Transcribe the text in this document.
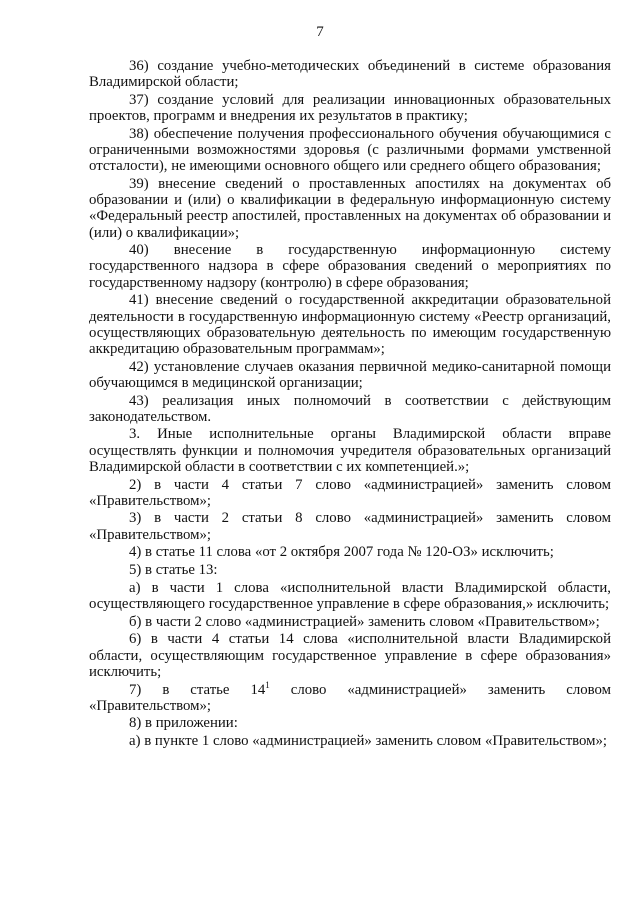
7

36) создание учебно-методических объединений в системе образования Владимирской области;

37) создание условий для реализации инновационных образовательных проектов, программ и внедрения их результатов в практику;

38) обеспечение получения профессионального обучения обучающимися с ограниченными возможностями здоровья (с различными формами умственной отсталости), не имеющими основного общего или среднего общего образования;

39) внесение сведений о проставленных апостилях на документах об образовании и (или) о квалификации в федеральную информационную систему «Федеральный реестр апостилей, проставленных на документах об образовании и (или) о квалификации»;

40) внесение в государственную информационную систему государственного надзора в сфере образования сведений о мероприятиях по государственному надзору (контролю) в сфере образования;

41) внесение сведений о государственной аккредитации образовательной деятельности в государственную информационную систему «Реестр организаций, осуществляющих образовательную деятельность по имеющим государственную аккредитацию образовательным программам»;

42) установление случаев оказания первичной медико-санитарной помощи обучающимся в медицинской организации;

43) реализация иных полномочий в соответствии с действующим законодательством.

3. Иные исполнительные органы Владимирской области вправе осуществлять функции и полномочия учредителя образовательных организаций Владимирской области в соответствии с их компетенцией.»;

2) в части 4 статьи 7 слово «администрацией» заменить словом «Правительством»;

3) в части 2 статьи 8 слово «администрацией» заменить словом «Правительством»;

4) в статье 11 слова «от 2 октября 2007 года № 120-ОЗ» исключить;

5) в статье 13:

а) в части 1 слова «исполнительной власти Владимирской области, осуществляющего государственное управление в сфере образования,» исключить;

б) в части 2 слово «администрацией» заменить словом «Правительством»;

6) в части 4 статьи 14 слова «исполнительной власти Владимирской области, осуществляющим государственное управление в сфере образования» исключить;

7) в статье $14^1$ слово «администрацией» заменить словом «Правительством»;

8) в приложении:

а) в пункте 1 слово «администрацией» заменить словом «Правительством»;
